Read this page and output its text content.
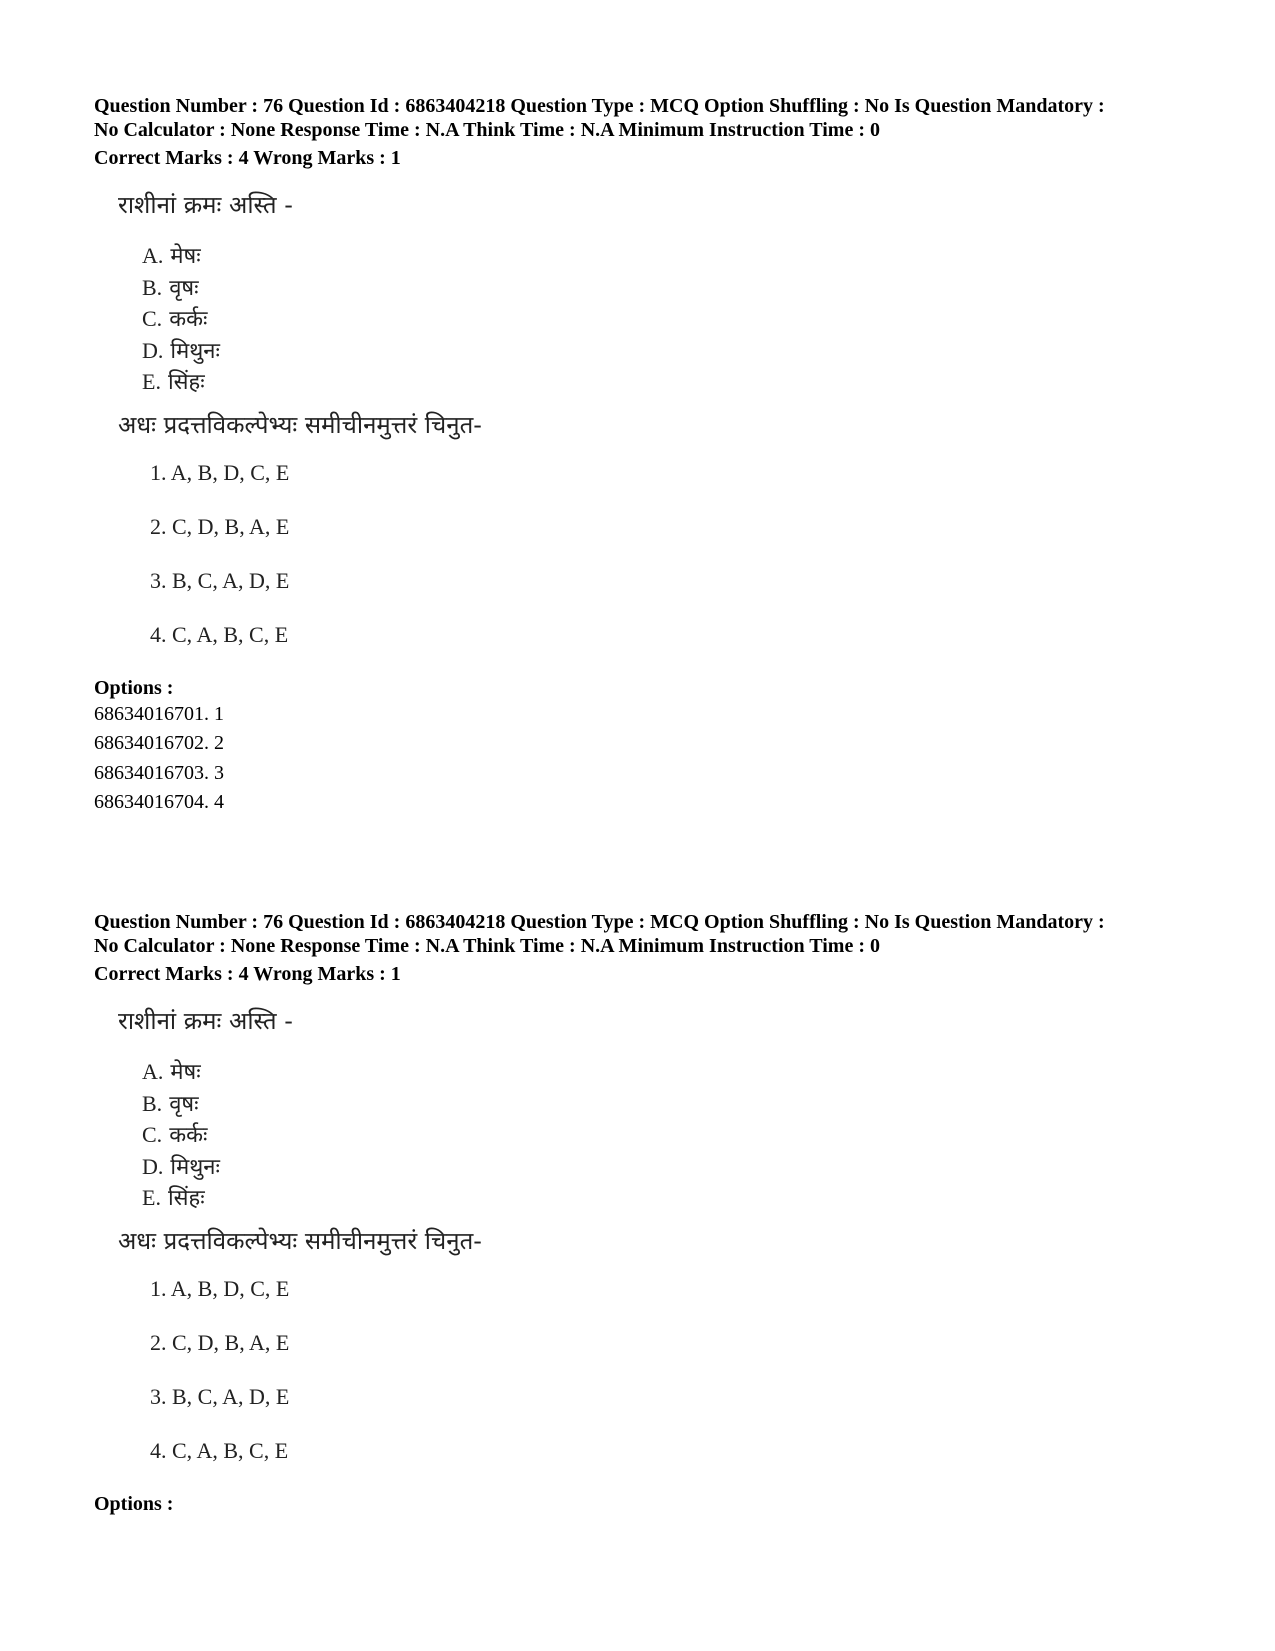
Question Number : 76 Question Id : 6863404218 Question Type : MCQ Option Shuffling : No Is Question Mandatory :

No Calculator : None Response Time : N.A Think Time : N.A Minimum Instruction Time : 0

Correct Marks : 4 Wrong Marks : 1

राशीनां क्रमः अस्ति -
A. मेषः
B. वृषः
C. कर्कः
D. मिथुनः
E. सिंहः
अधः प्रदत्तविकल्पेभ्यः समीचीनमुत्तरं चिनुत-
1. A, B, D, C, E
2. C, D, B, A, E
3. B, C, A, D, E
4. C, A, B, C, E
Options :
68634016701. 1
68634016702. 2
68634016703. 3
68634016704. 4

Question Number : 76 Question Id : 6863404218 Question Type : MCQ Option Shuffling : No Is Question Mandatory :

No Calculator : None Response Time : N.A Think Time : N.A Minimum Instruction Time : 0

Correct Marks : 4 Wrong Marks : 1

राशीनां क्रमः अस्ति -
A. मेषः
B. वृषः
C. कर्कः
D. मिथुनः
E. सिंहः
अधः प्रदत्तविकल्पेभ्यः समीचीनमुत्तरं चिनुत-
1. A, B, D, C, E
2. C, D, B, A, E
3. B, C, A, D, E
4. C, A, B, C, E
Options :
